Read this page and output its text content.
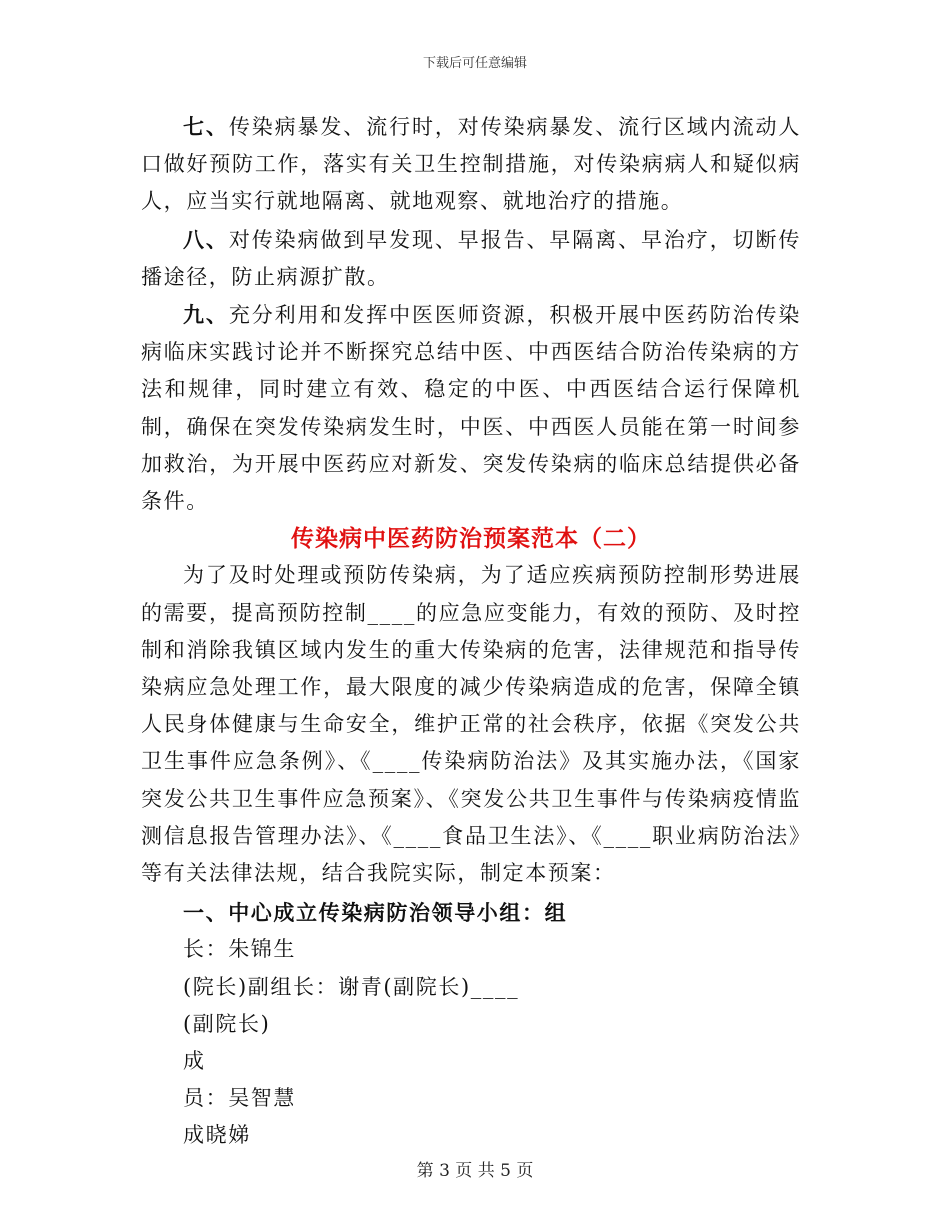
下载后可任意编辑

七、传染病暴发、流行时，对传染病暴发、流行区域内流动人口做好预防工作，落实有关卫生控制措施，对传染病病人和疑似病人，应当实行就地隔离、就地观察、就地治疗的措施。

八、对传染病做到早发现、早报告、早隔离、早治疗，切断传播途径，防止病源扩散。

九、充分利用和发挥中医医师资源，积极开展中医药防治传染病临床实践讨论并不断探究总结中医、中西医结合防治传染病的方法和规律，同时建立有效、稳定的中医、中西医结合运行保障机制，确保在突发传染病发生时，中医、中西医人员能在第一时间参加救治，为开展中医药应对新发、突发传染病的临床总结提供必备条件。

传染病中医药防治预案范本（二）

为了及时处理或预防传染病，为了适应疾病预防控制形势进展的需要，提高预防控制____的应急应变能力，有效的预防、及时控制和消除我镇区域内发生的重大传染病的危害，法律规范和指导传染病应急处理工作，最大限度的减少传染病造成的危害，保障全镇人民身体健康与生命安全，维护正常的社会秩序，依据《突发公共卫生事件应急条例》、《____传染病防治法》及其实施办法，《国家突发公共卫生事件应急预案》、《突发公共卫生事件与传染病疫情监测信息报告管理办法》、《____食品卫生法》、《____职业病防治法》等有关法律法规，结合我院实际，制定本预案：

一、中心成立传染病防治领导小组：组

长：朱锦生

(院长)副组长：谢青(副院长)____

(副院长)

成

员：吴智慧

成晓娣

第 3 页 共 5 页
